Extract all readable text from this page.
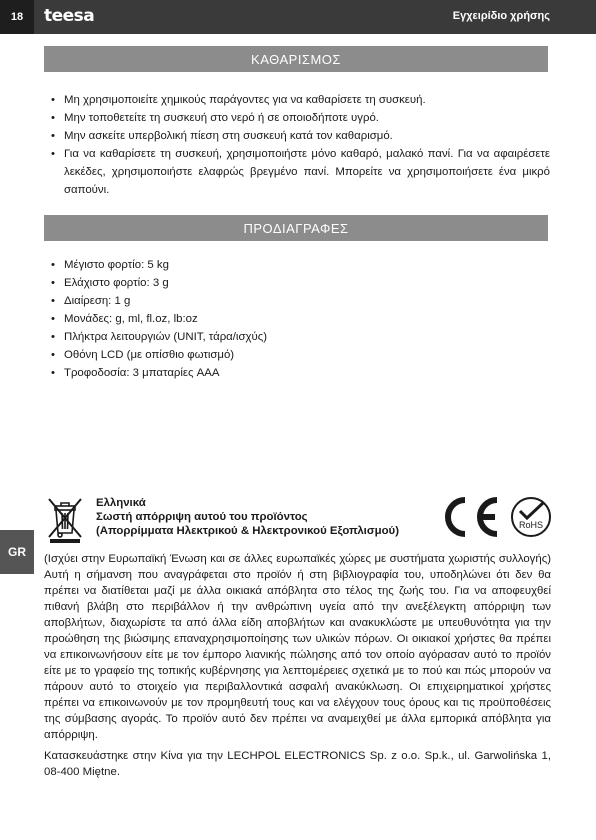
18	teesa	Εγχειρίδιο χρήσης
GR
ΚΑΘΑΡΙΣΜΟΣ
• Μη χρησιμοποιείτε χημικούς παράγοντες για να καθαρίσετε τη συσκευή.
• Μην τοποθετείτε τη συσκευή στο νερό ή σε οποιοδήποτε υγρό.
• Μην ασκείτε υπερβολική πίεση στη συσκευή κατά τον καθαρισμό.
• Για να καθαρίσετε τη συσκευή, χρησιμοποιήστε μόνο καθαρό, μαλακό πανί. Για να αφαιρέσετε λεκέδες, χρησιμοποιήστε ελαφρώς βρεγμένο πανί. Μπορείτε να χρησιμοποιήσετε ένα μικρό σαπούνι.
ΠΡΟΔΙΑΓΡΑΦΕΣ
• Μέγιστο φορτίο: 5 kg
• Ελάχιστο φορτίο: 3 g
• Διαίρεση: 1 g
• Μονάδες: g, ml, fl.oz, lb:oz
• Πλήκτρα λειτουργιών (UNIT, τάρα/ισχύς)
• Οθόνη LCD (με οπίσθιο φωτισμό)
• Τροφοδοσία: 3 μπαταρίες AAA
Ελληνικά
Σωστή απόρριψη αυτού του προϊόντος
(Απορρίμματα Ηλεκτρικού & Ηλεκτρονικού Εξοπλισμού)	RoHS

(Ισχύει στην Ευρωπαϊκή Ένωση και σε άλλες ευρωπαϊκές χώρες με συστήματα χωριστής συλλογής) Αυτή η σήμανση που αναγράφεται στο προϊόν ή στη βιβλιογραφία του, υποδηλώνει ότι δεν θα πρέπει να διατίθεται μαζί με άλλα οικιακά απόβλητα στο τέλος της ζωής του. Για να αποφευχθεί πιθανή βλάβη στο περιβάλλον ή την ανθρώπινη υγεία από την ανεξέλεγκτη απόρριψη των αποβλήτων, διαχωρίστε τα από άλλα είδη αποβλήτων και ανακυκλώστε με υπευθυνότητα για την προώθηση της βιώσιμης επαναχρησιμοποίησης των υλικών πόρων. Οι οικιακοί χρήστες θα πρέπει να επικοινωνήσουν είτε με τον έμπορο λιανικής πώλησης από τον οποίο αγόρασαν αυτό το προϊόν είτε με το γραφείο της τοπικής κυβέρνησης για λεπτομέρειες σχετικά με το πού και πώς μπορούν να πάρουν αυτό το στοιχείο για περιβαλλοντικά ασφαλή ανακύκλωση. Οι επιχειρηματικοί χρήστες πρέπει να επικοινωνούν με τον προμηθευτή τους και να ελέγχουν τους όρους και τις προϋποθέσεις της σύμβασης αγοράς. Το προϊόν αυτό δεν πρέπει να αναμειχθεί με άλλα εμπορικά απόβλητα για απόρριψη.

Κατασκευάστηκε στην Κίνα για την LECHPOL ELECTRONICS Sp. z o.o. Sp.k., ul. Garwolińska 1, 08-400 Miętne.
